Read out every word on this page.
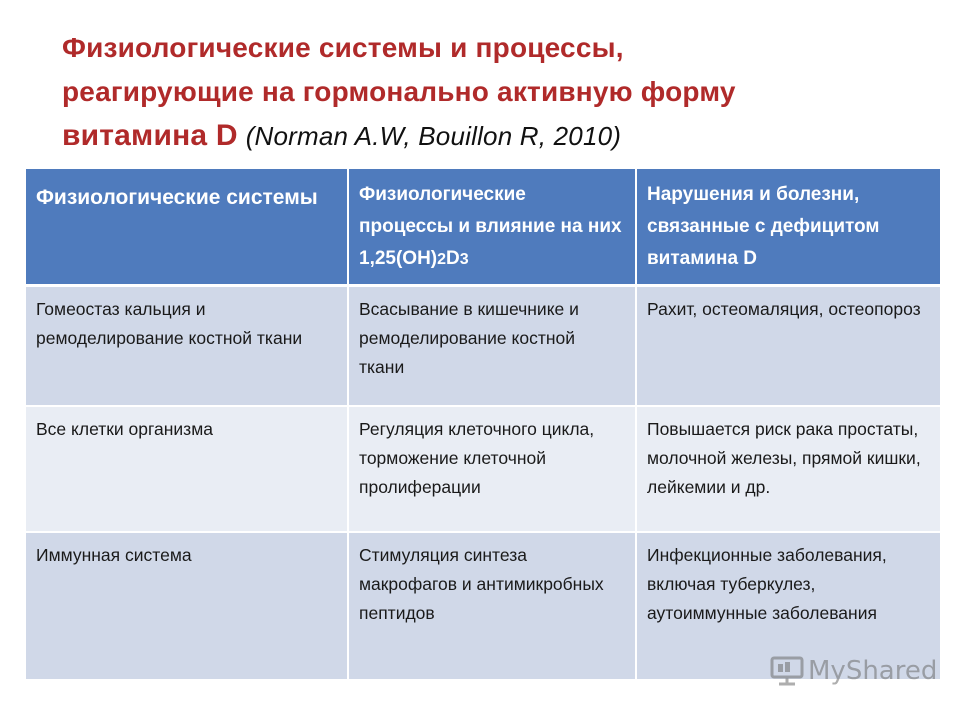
Физиологические системы и процессы,
реагирующие на гормонально активную форму
витамина D (Norman A.W, Bouillon R, 2010)
Физиологические системы	Физиологические процессы и влияние на них 1,25(OH)2D3	Нарушения и болезни, связанные с дефицитом витамина D
Гомеостаз кальция и ремоделирование костной ткани	Всасывание в кишечнике и ремоделирование костной ткани	Рахит, остеомаляция, остеопороз
Все клетки организма	Регуляция клеточного цикла, торможение клеточной пролиферации	Повышается риск рака простаты, молочной железы, прямой кишки, лейкемии и др.
Иммунная система	Стимуляция синтеза макрофагов и антимикробных пептидов	Инфекционные заболевания, включая туберкулез, аутоиммунные заболевания
MyShared
